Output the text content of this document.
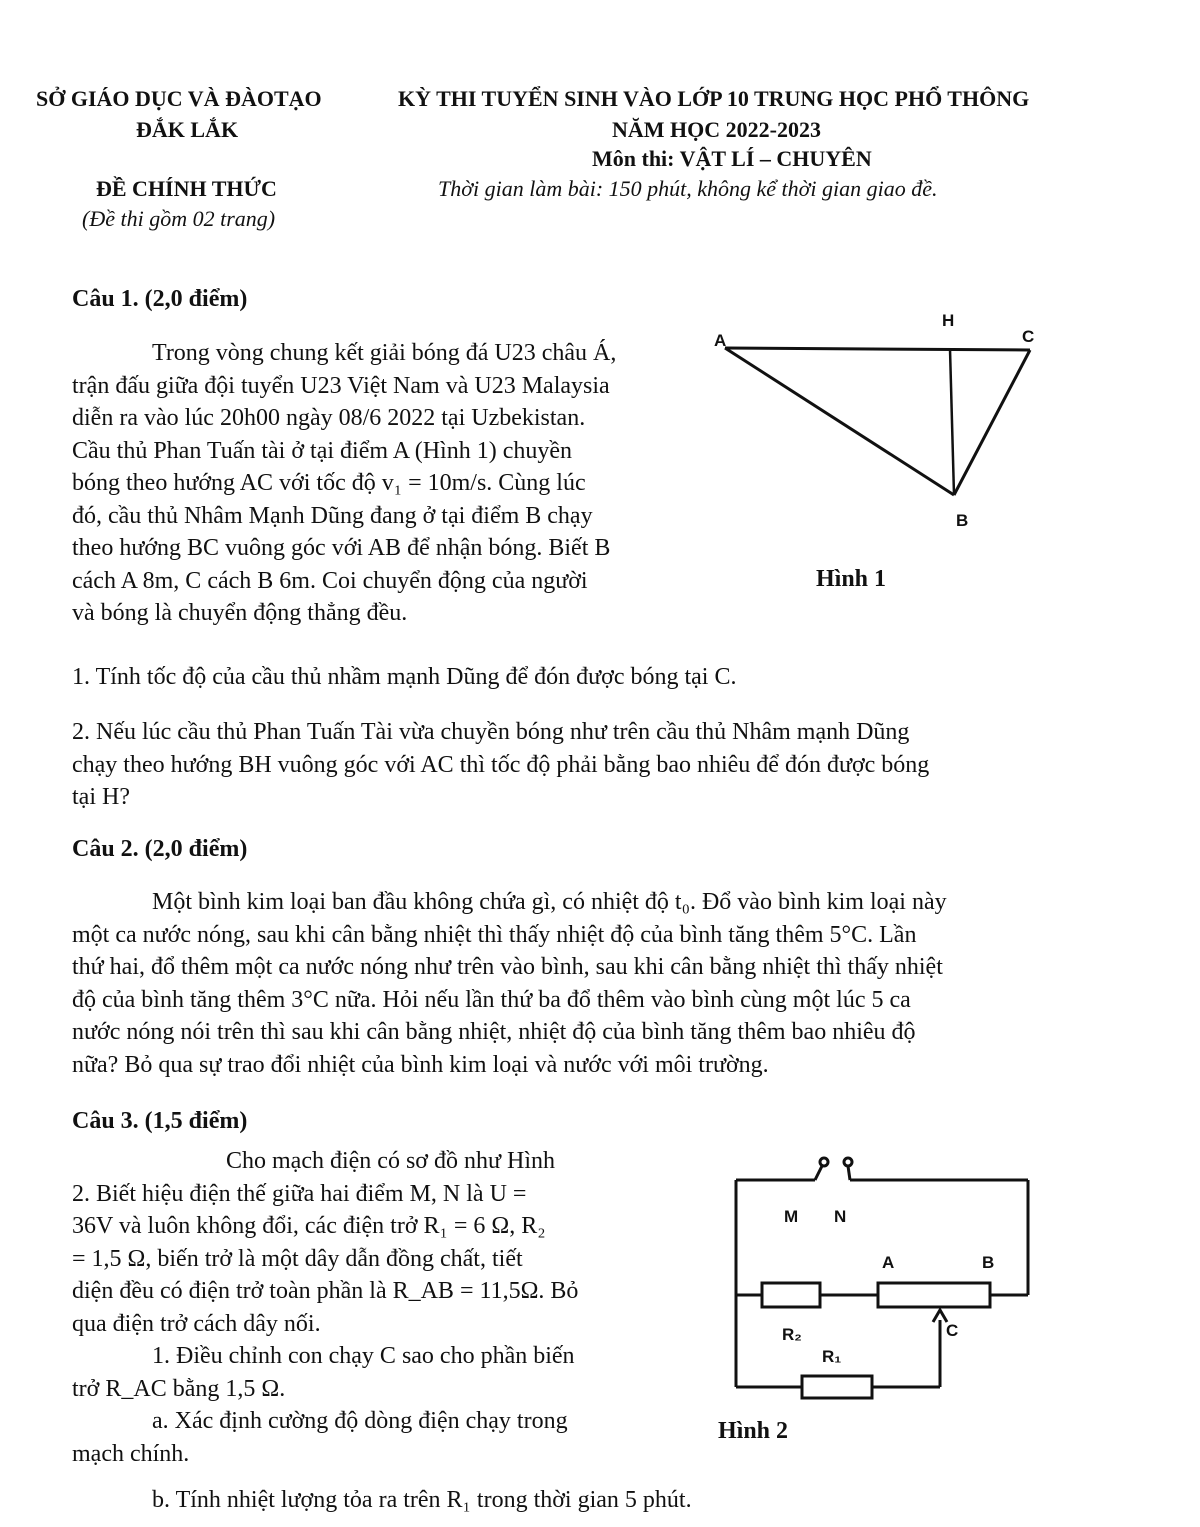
SỞ GIÁO DỤC VÀ ĐÀOTẠO	KỲ THI TUYỂN SINH VÀO LỚP 10 TRUNG HỌC PHỔ THÔNG
ĐẮK LẮK	NĂM HỌC 2022-2023
Môn thi: VẬT LÍ – CHUYÊN
ĐỀ CHÍNH THỨC	Thời gian làm bài: 150 phút, không kể thời gian giao đề.
(Đề thi gồm 02 trang)
Câu 1. (2,0 điểm)
Trong vòng chung kết giải bóng đá U23 châu Á,
trận đấu giữa đội tuyển U23 Việt Nam và U23 Malaysia
diễn ra vào lúc 20h00 ngày 08/6 2022 tại Uzbekistan.
Cầu thủ Phan Tuấn tài ở tại điểm A (Hình 1) chuyền
bóng theo hướng AC với tốc độ v₁ = 10m/s. Cùng lúc
đó, cầu thủ Nhâm Mạnh Dũng đang ở tại điểm B chạy
theo hướng BC vuông góc với AB để nhận bóng. Biết B
cách A 8m, C cách B 6m. Coi chuyển động của người
và bóng là chuyển động thẳng đều.
A	C
H
B
Hình 1
1. Tính tốc độ của cầu thủ nhầm mạnh Dũng để đón được bóng tại C.
2. Nếu lúc cầu thủ Phan Tuấn Tài vừa chuyền bóng như trên cầu thủ Nhâm mạnh Dũng
chạy theo hướng BH vuông góc với AC thì tốc độ phải bằng bao nhiêu để đón được bóng
tại H?
Câu 2. (2,0 điểm)
Một bình kim loại ban đầu không chứa gì, có nhiệt độ t₀. Đổ vào bình kim loại này
một ca nước nóng, sau khi cân bằng nhiệt thì thấy nhiệt độ của bình tăng thêm 5°C. Lần
thứ hai, đổ thêm một ca nước nóng như trên vào bình, sau khi cân bằng nhiệt thì thấy nhiệt
độ của bình tăng thêm 3°C nữa. Hỏi nếu lần thứ ba đổ thêm vào bình cùng một lúc 5 ca
nước nóng nói trên thì sau khi cân bằng nhiệt, nhiệt độ của bình tăng thêm bao nhiêu độ
nữa? Bỏ qua sự trao đổi nhiệt của bình kim loại và nước với môi trường.
Câu 3. (1,5 điểm)
Cho mạch điện có sơ đồ như Hình
2. Biết hiệu điện thế giữa hai điểm M, N là U =
36V và luôn không đổi, các điện trở R₁ = 6 Ω, R₂
= 1,5 Ω, biến trở là một dây dẫn đồng chất, tiết
diện đều có điện trở toàn phần là R_AB = 11,5Ω. Bỏ
qua điện trở cách dây nối.
1. Điều chỉnh con chạy C sao cho phần biến
trở R_AC bằng 1,5 Ω.
a. Xác định cường độ dòng điện chạy trong
mạch chính.
M N
A	B
C
R₂
R₁
Hình 2
b. Tính nhiệt lượng tỏa ra trên R₁ trong thời gian 5 phút.
